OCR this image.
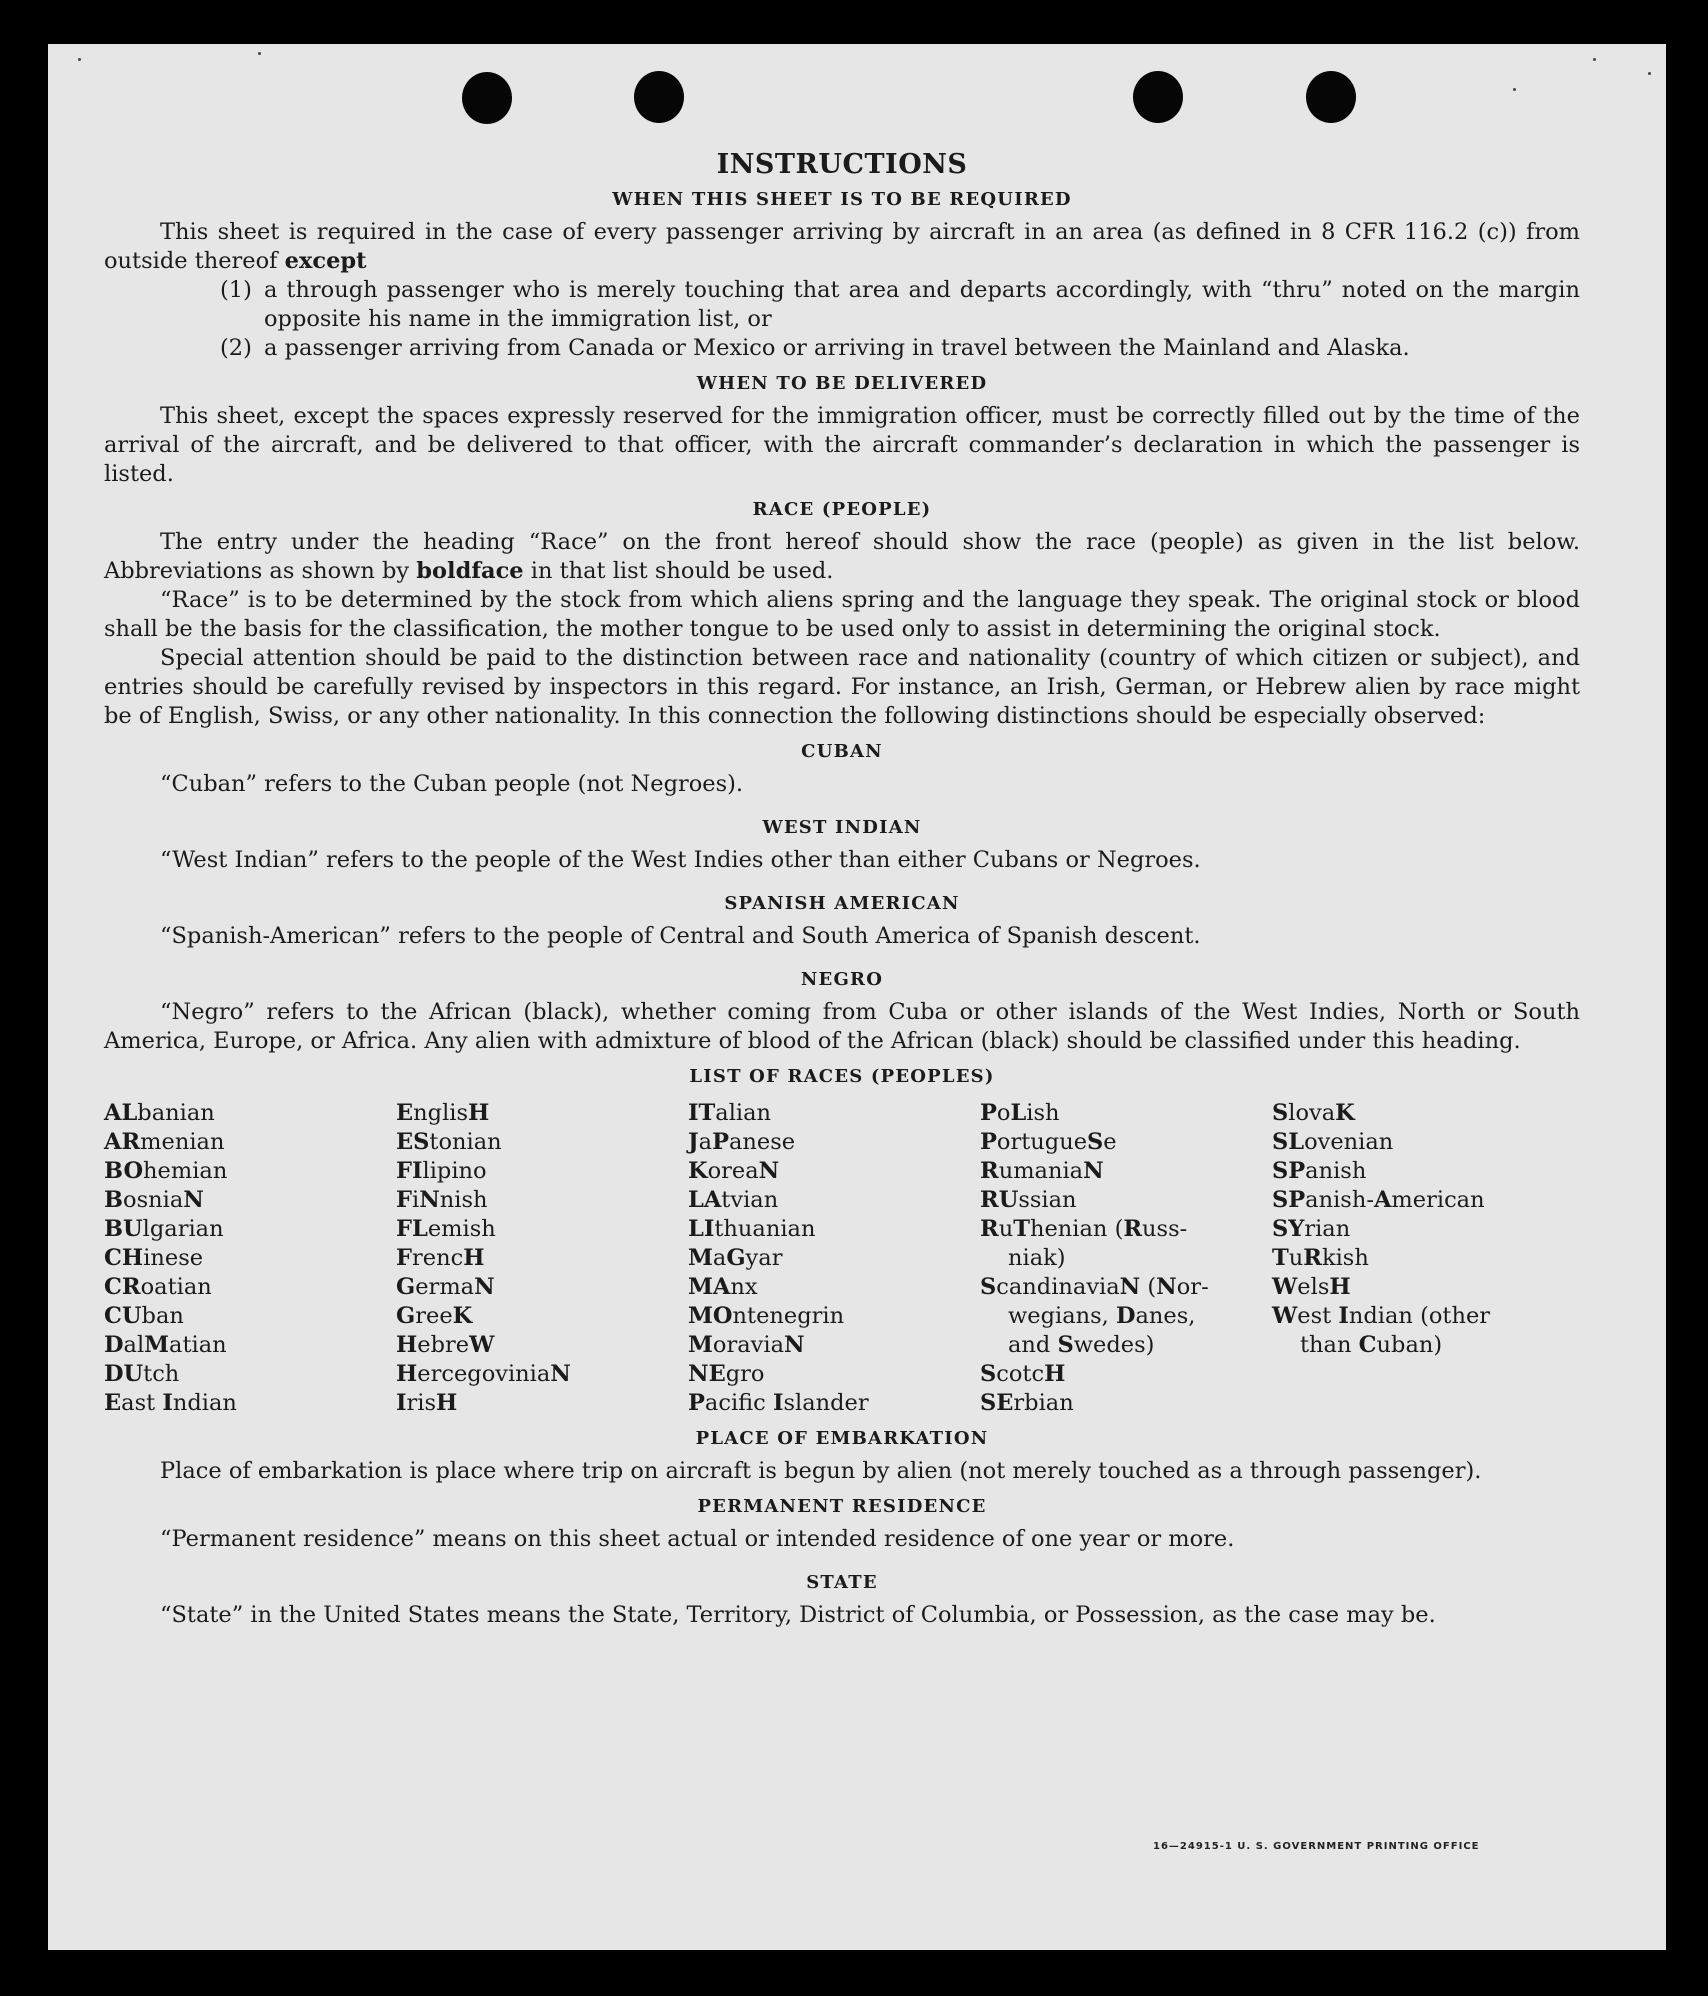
INSTRUCTIONS
WHEN THIS SHEET IS TO BE REQUIRED

This sheet is required in the case of every passenger arriving by aircraft in an area (as defined in 8 CFR 116.2 (c)) from outside thereof except

(1) a through passenger who is merely touching that area and departs accordingly, with “thru” noted on the margin opposite his name in the immigration list, or
(2) a passenger arriving from Canada or Mexico or arriving in travel between the Mainland and Alaska.
WHEN TO BE DELIVERED

This sheet, except the spaces expressly reserved for the immigration officer, must be correctly filled out by the time of the arrival of the aircraft, and be delivered to that officer, with the aircraft commander’s declaration in which the passenger is listed.

RACE (PEOPLE)

The entry under the heading “Race” on the front hereof should show the race (people) as given in the list below. Abbreviations as shown by boldface in that list should be used.

“Race” is to be determined by the stock from which aliens spring and the language they speak. The original stock or blood shall be the basis for the classification, the mother tongue to be used only to assist in determining the original stock.

Special attention should be paid to the distinction between race and nationality (country of which citizen or subject), and entries should be carefully revised by inspectors in this regard. For instance, an Irish, German, or Hebrew alien by race might be of English, Swiss, or any other nationality. In this connection the following distinctions should be especially observed:

CUBAN

“Cuban” refers to the Cuban people (not Negroes).

WEST INDIAN

“West Indian” refers to the people of the West Indies other than either Cubans or Negroes.

SPANISH AMERICAN

“Spanish-American” refers to the people of Central and South America of Spanish descent.

NEGRO

“Negro” refers to the African (black), whether coming from Cuba or other islands of the West Indies, North or South America, Europe, or Africa. Any alien with admixture of blood of the African (black) should be classified under this heading.

LIST OF RACES (PEOPLES)
ALbanian
ARmenian
BOhemian
BosniaN
BUlgarian
CHinese
CRoatian
CUban
DalMatian
DUtch
East Indian
EnglisH
EStonian
FIlipino
FiNnish
FLemish
FrencH
GermaN
GreeK
HebreW
HercegoviniaN
IrisH
ITalian
JaPanese
KoreaN
LAtvian
LIthuanian
MaGyar
MAnx
MOntenegrin
MoraviaN
NEgro
Pacifc Islander
PoLish
PortugueSe
RumaniaN
RUssian
RuThenian (Russ-
niak)
ScandinaviaN (Nor-
wegians, Danes,
and Swedes)
ScotcH
SErbian
SlovaK
SLovenian
SPanish
SPanish-American
SYrian
TuRkish
WelsH
West Indian (other
than Cuban)
PLACE OF EMBARKATION

Place of embarkation is place where trip on aircraft is begun by alien (not merely touched as a through passenger).

PERMANENT RESIDENCE

“Permanent residence” means on this sheet actual or intended residence of one year or more.

STATE

“State” in the United States means the State, Territory, District of Columbia, or Possession, as the case may be.

16—24915-1 U. S. GOVERNMENT PRINTING OFFICE
